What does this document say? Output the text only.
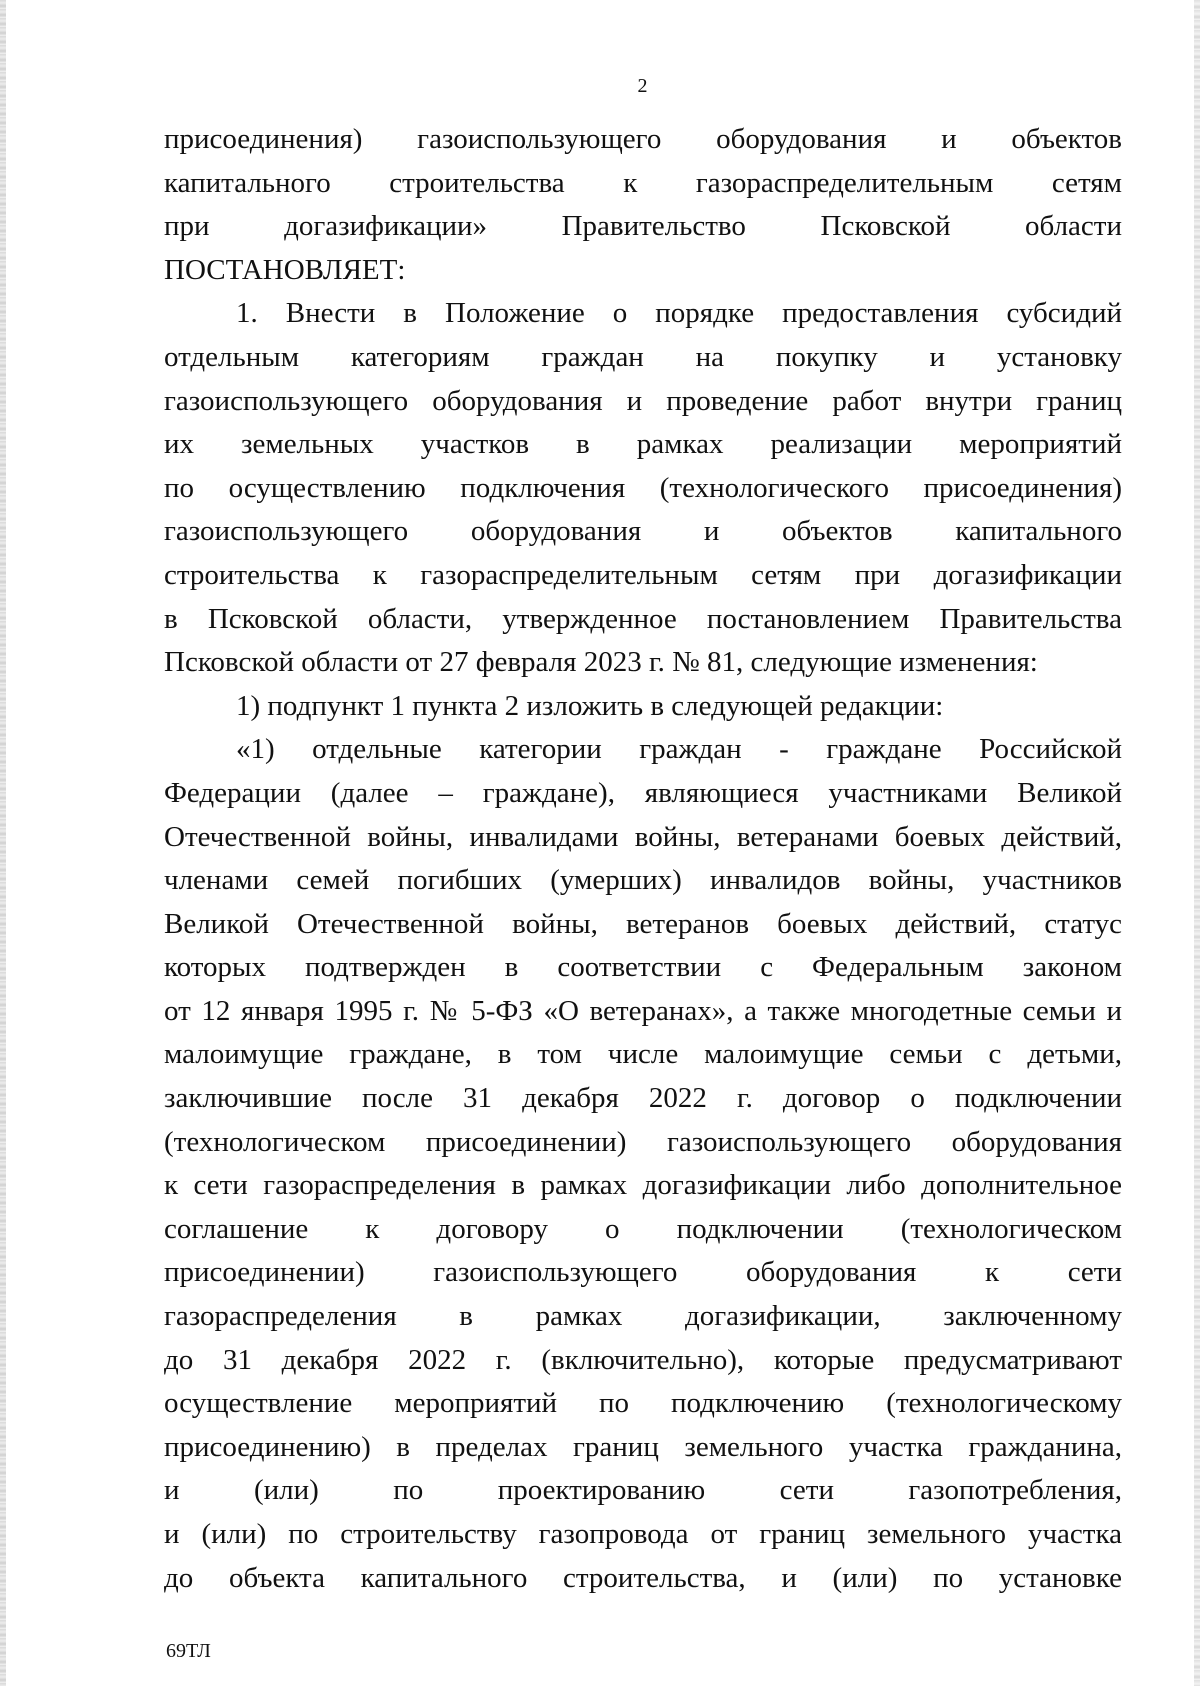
2
присоединения) газоиспользующего оборудования и объектов
капитального строительства к газораспределительным сетям
при догазификации» Правительство Псковской области
ПОСТАНОВЛЯЕТ:
1. Внести в Положение о порядке предоставления субсидий
отдельным категориям граждан на покупку и установку
газоиспользующего оборудования и проведение работ внутри границ
их земельных участков в рамках реализации мероприятий
по осуществлению подключения (технологического присоединения)
газоиспользующего оборудования и объектов капитального
строительства к газораспределительным сетям при догазификации
в Псковской области, утвержденное постановлением Правительства
Псковской области от 27 февраля 2023 г. № 81, следующие изменения:
1) подпункт 1 пункта 2 изложить в следующей редакции:
«1) отдельные категории граждан - граждане Российской
Федерации (далее – граждане), являющиеся участниками Великой
Отечественной войны, инвалидами войны, ветеранами боевых действий,
членами семей погибших (умерших) инвалидов войны, участников
Великой Отечественной войны, ветеранов боевых действий, статус
которых подтвержден в соответствии с Федеральным законом
от 12 января 1995 г. № 5-ФЗ «О ветеранах», а также многодетные семьи и
малоимущие граждане, в том числе малоимущие семьи с детьми,
заключившие после 31 декабря 2022 г. договор о подключении
(технологическом присоединении) газоиспользующего оборудования
к сети газораспределения в рамках догазификации либо дополнительное
соглашение к договору о подключении (технологическом
присоединении) газоиспользующего оборудования к сети
газораспределения в рамках догазификации, заключенному
до 31 декабря 2022 г. (включительно), которые предусматривают
осуществление мероприятий по подключению (технологическому
присоединению) в пределах границ земельного участка гражданина,
и (или) по проектированию сети газопотребления,
и (или) по строительству газопровода от границ земельного участка
до объекта капитального строительства, и (или) по установке
69ТЛ
